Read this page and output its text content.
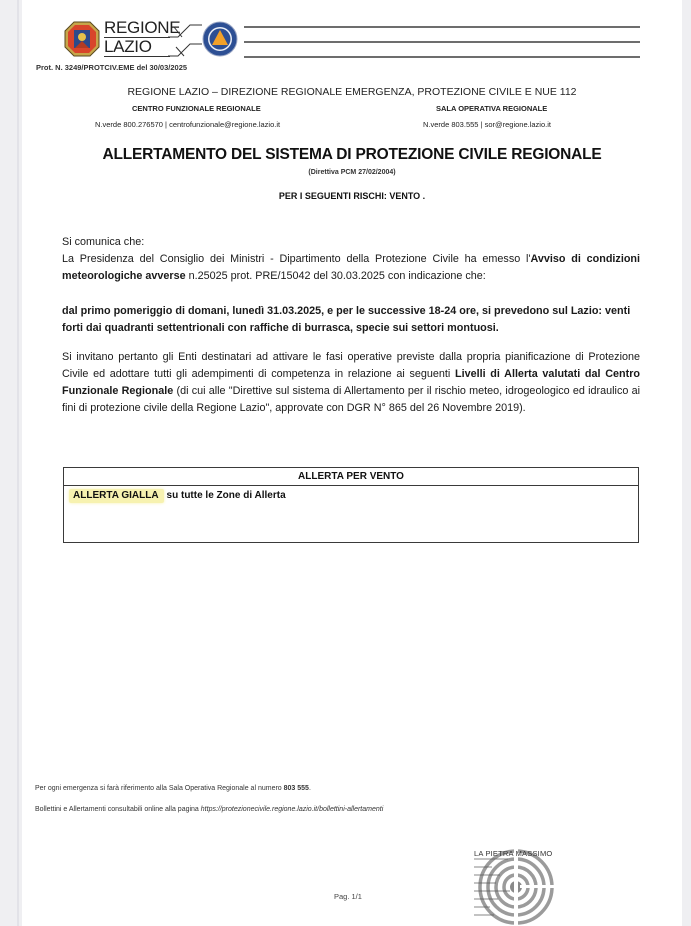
REGIONE
LAZIO
Prot. N. 3249/PROTCIV.EME del 30/03/2025
REGIONE LAZIO – DIREZIONE REGIONALE EMERGENZA, PROTEZIONE CIVILE E NUE 112
CENTRO FUNZIONALE REGIONALE	SALA OPERATIVA REGIONALE
N.verde 800.276570 | centrofunzionale@regione.lazio.it	N.verde 803.555 | sor@regione.lazio.it
ALLERTAMENTO DEL SISTEMA DI PROTEZIONE CIVILE REGIONALE
(Direttiva PCM 27/02/2004)
PER I SEGUENTI RISCHI: VENTO .
Si comunica che:
La Presidenza del Consiglio dei Ministri - Dipartimento della Protezione Civile ha emesso l'Avviso di condizioni meteorologiche avverse n.25025 prot. PRE/15042 del 30.03.2025 con indicazione che:
dal primo pomeriggio di domani, lunedì 31.03.2025, e per le successive 18-24 ore, si prevedono sul Lazio: venti forti dai quadranti settentrionali con raffiche di burrasca, specie sui settori montuosi.
Si invitano pertanto gli Enti destinatari ad attivare le fasi operative previste dalla propria pianificazione di Protezione Civile ed adottare tutti gli adempimenti di competenza in relazione ai seguenti Livelli di Allerta valutati dal Centro Funzionale Regionale (di cui alle "Direttive sul sistema di Allertamento per il rischio meteo, idrogeologico ed idraulico ai fini di protezione civile della Regione Lazio", approvate con DGR N° 865 del 26 Novembre 2019).
ALLERTA PER VENTO
ALLERTA GIALLA su tutte le Zone di Allerta
Per ogni emergenza si farà riferimento alla Sala Operativa Regionale al numero 803 555.
Bollettini e Allertamenti consultabili online alla pagina https://protezionecivile.regione.lazio.it/bollettini-allertamenti
LA PIETRA MASSIMO
Pag. 1/1
